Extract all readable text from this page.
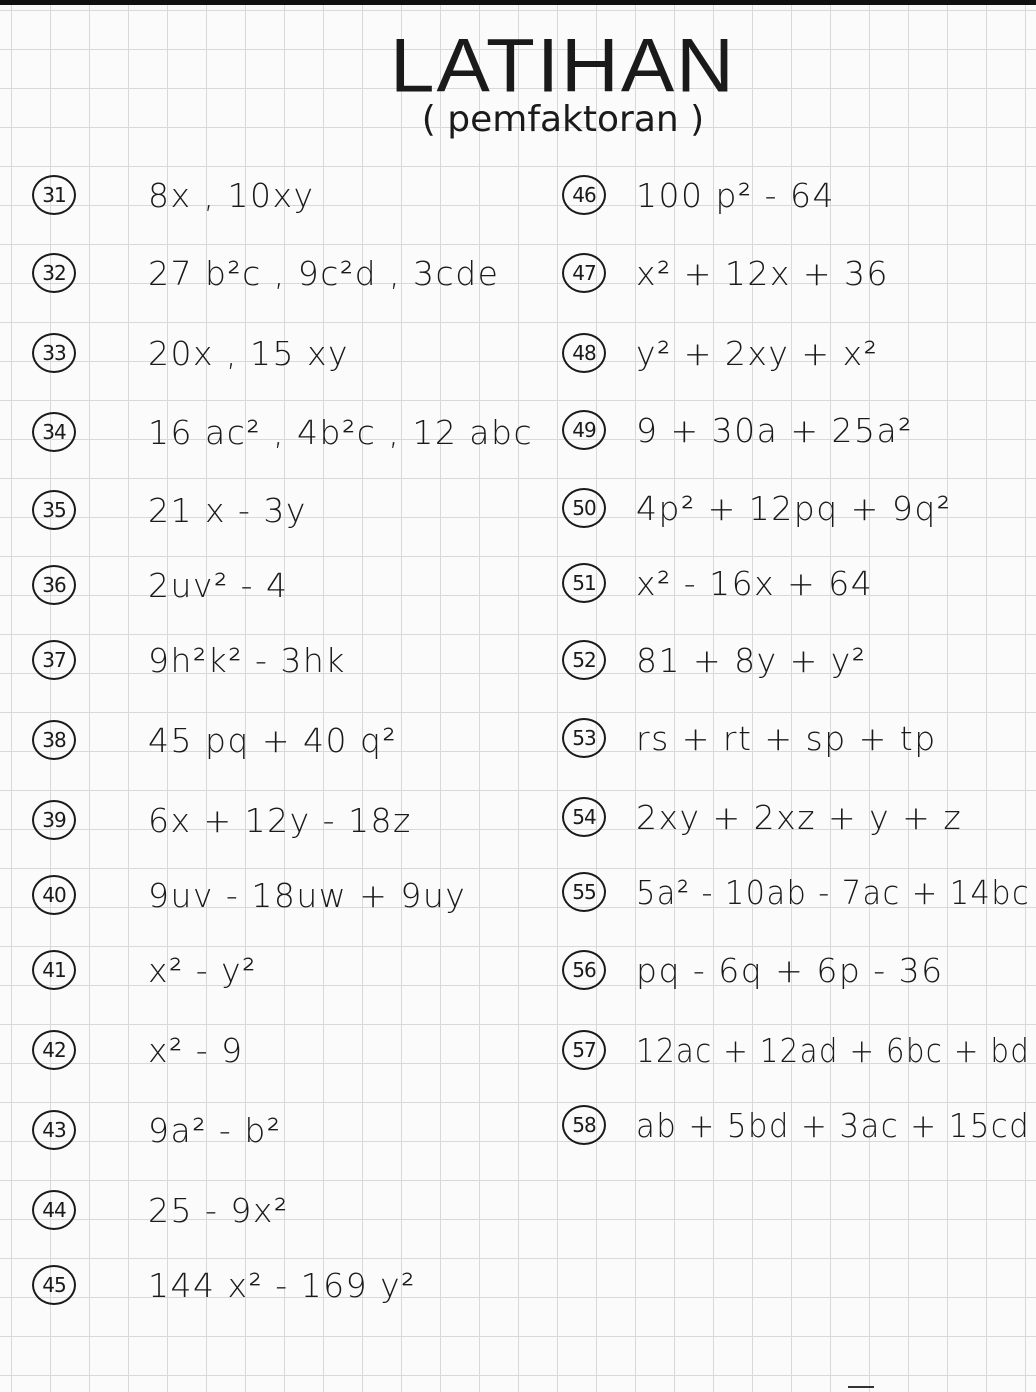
LATIHAN
( pemfaktoran )
31	8x , 10xy
32	27 b²c , 9c²d , 3cde
33	20x , 15 xy
34	16 ac² , 4b²c , 12 abc
35	21 x - 3y
36	2uv² - 4
37	9h²k² - 3hk
38	45 pq + 40 q²
39	6x + 12y - 18z
40	9uv - 18uw + 9uy
41	x² - y²
42	x² - 9
43	9a² - b²
44	25 - 9x²
45	144 x² - 169 y²
46	100 p² - 64
47	x² + 12x + 36
48	y² + 2xy + x²
49	9 + 30a + 25a²
50	4p² + 12pq + 9q²
51	x² - 16x + 64
52	81 + 8y + y²
53	rs + rt + sp + tp
54	2xy + 2xz + y + z
55	5a² - 10ab - 7ac + 14bc
56	pq - 6q + 6p - 36
57	12ac + 12ad + 6bc + bd
58	ab + 5bd + 3ac + 15cd
